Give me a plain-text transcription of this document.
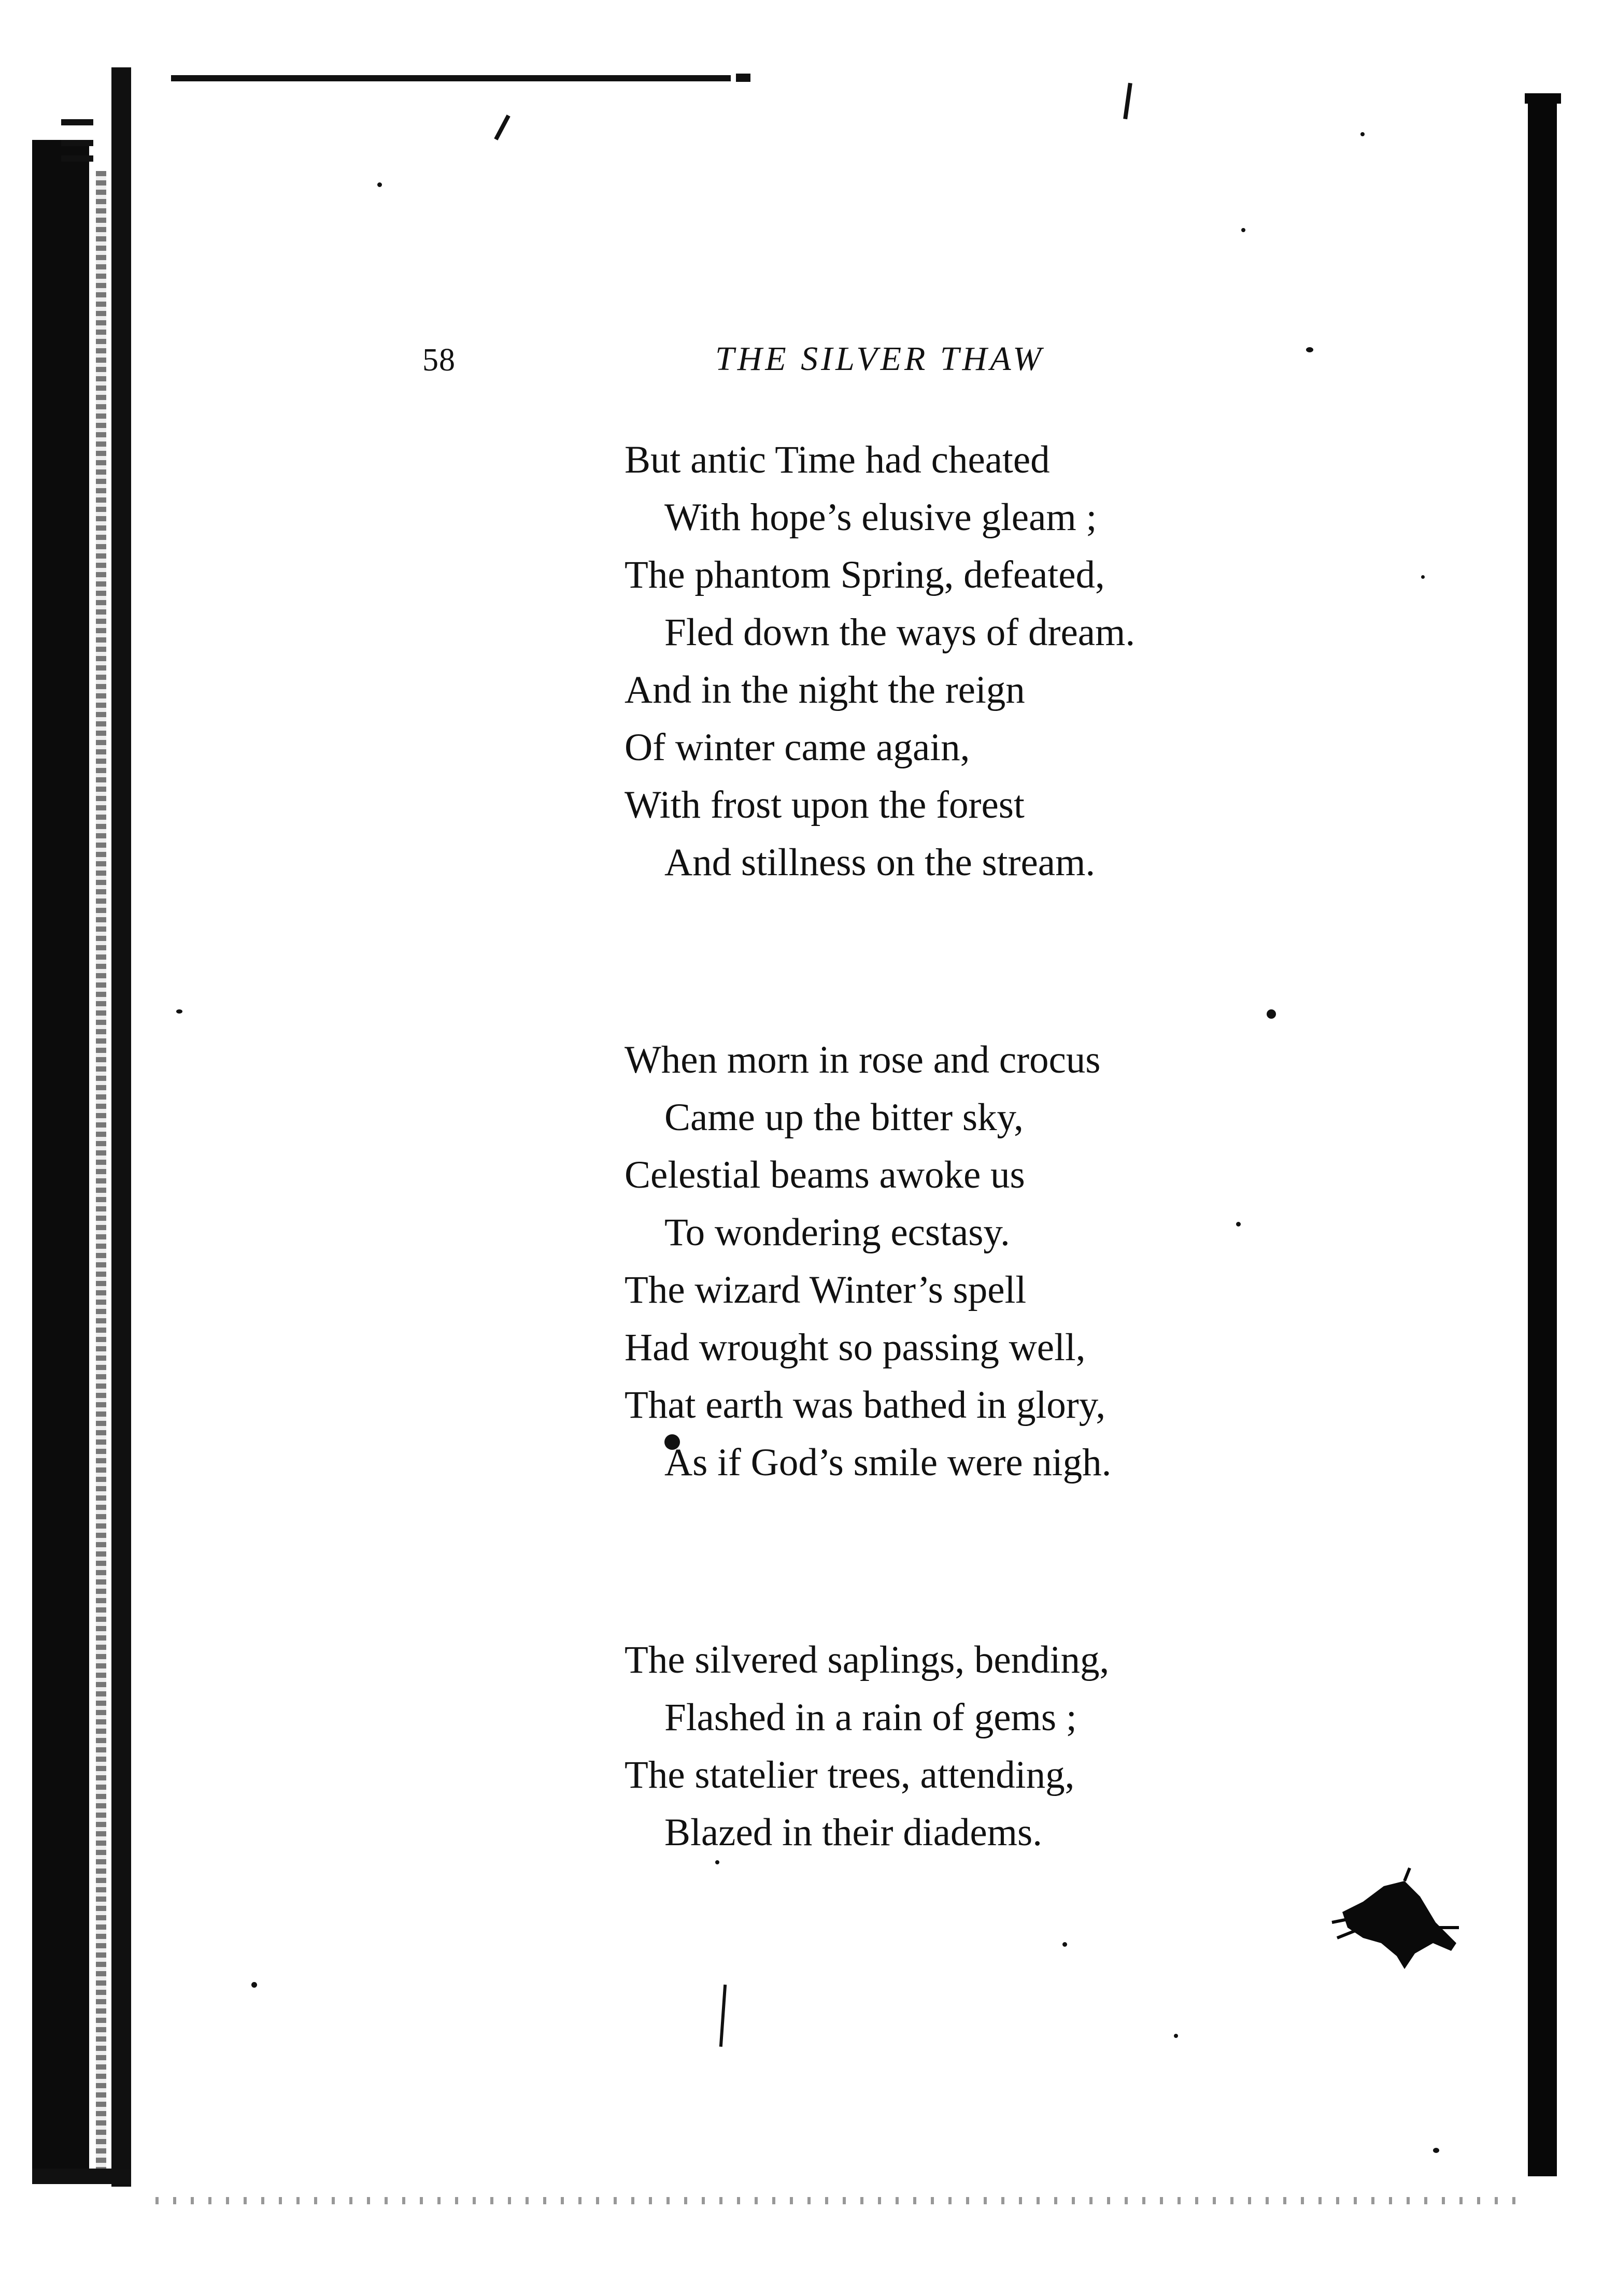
58	THE SILVER THAW
But antic Time had cheated
With hope’s elusive gleam ;
The phantom Spring, defeated,
Fled down the ways of dream.
And in the night the reign
Of winter came again,
With frost upon the forest
And stillness on the stream.
When morn in rose and crocus
Came up the bitter sky,
Celestial beams awoke us
To wondering ecstasy.
The wizard Winter’s spell
Had wrought so passing well,
That earth was bathed in glory,
As if God’s smile were nigh.
The silvered saplings, bending,
Flashed in a rain of gems ;
The statelier trees, attending,
Blazed in their diadems.
